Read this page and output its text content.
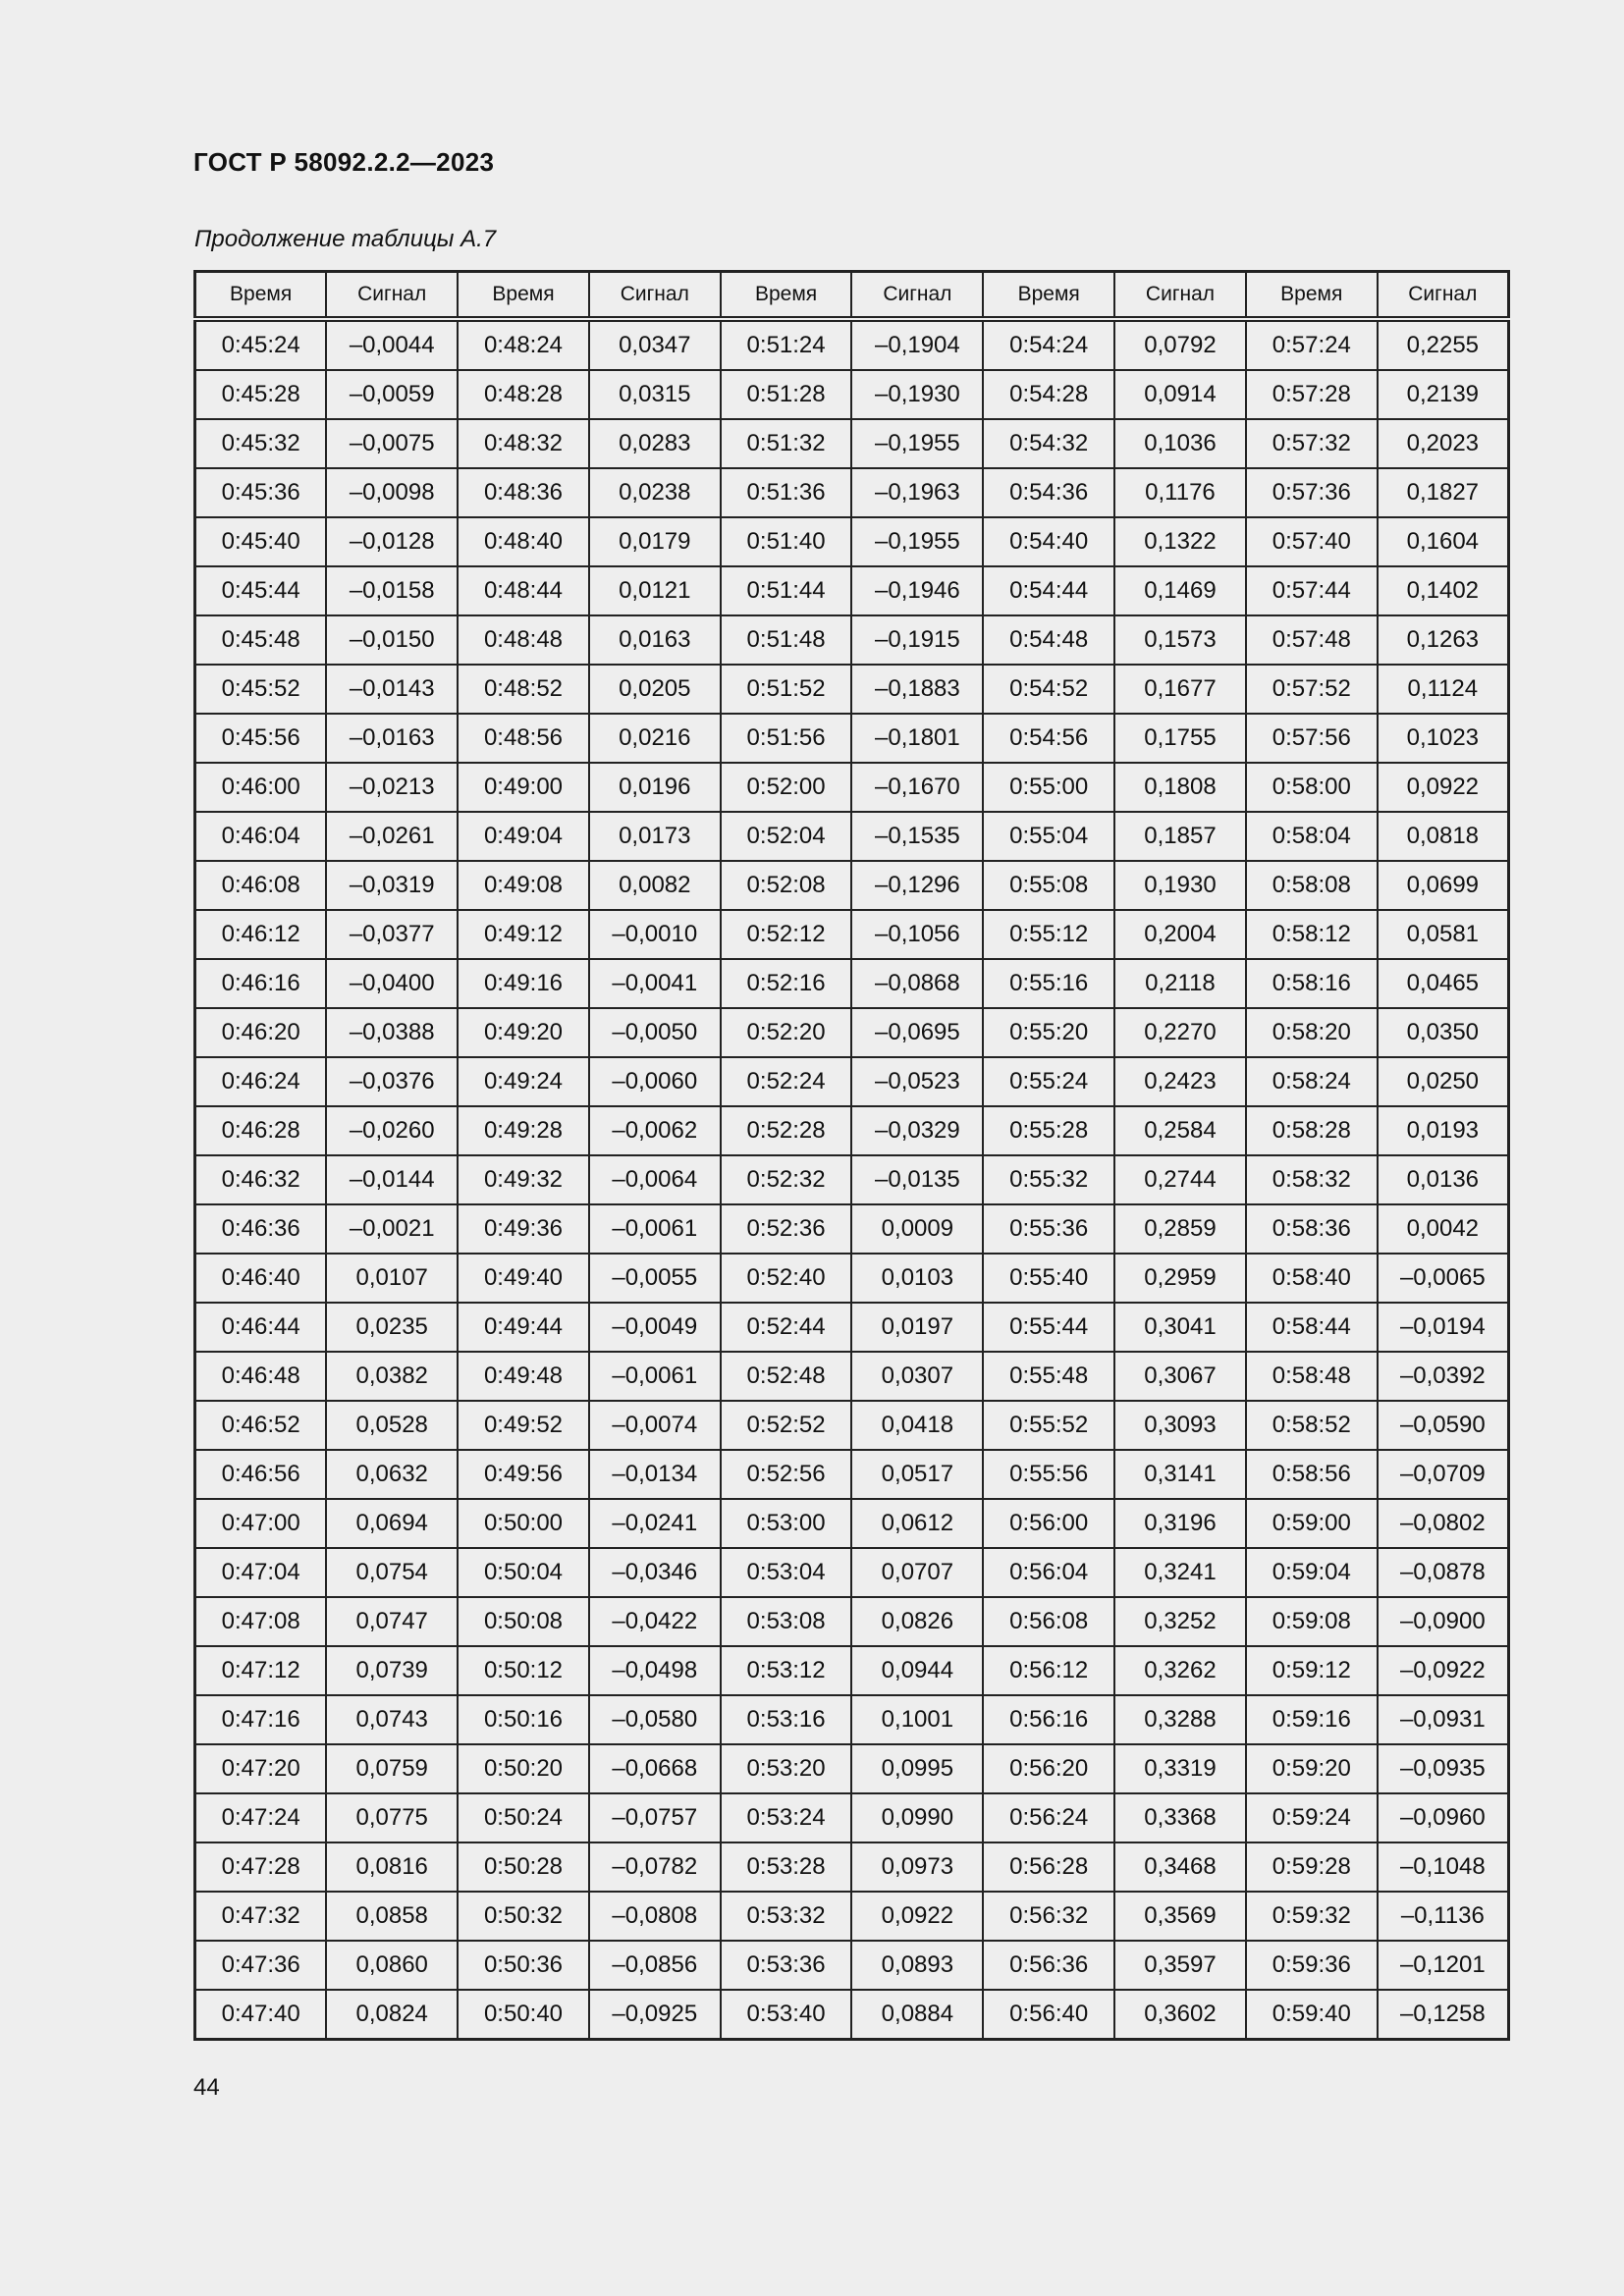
ГОСТ Р 58092.2.2—2023

Продолжение таблицы А.7

Время	Сигнал	Время	Сигнал	Время	Сигнал	Время	Сигнал	Время	Сигнал
0:45:24	–0,0044	0:48:24	0,0347	0:51:24	–0,1904	0:54:24	0,0792	0:57:24	0,2255
0:45:28	–0,0059	0:48:28	0,0315	0:51:28	–0,1930	0:54:28	0,0914	0:57:28	0,2139
0:45:32	–0,0075	0:48:32	0,0283	0:51:32	–0,1955	0:54:32	0,1036	0:57:32	0,2023
0:45:36	–0,0098	0:48:36	0,0238	0:51:36	–0,1963	0:54:36	0,1176	0:57:36	0,1827
0:45:40	–0,0128	0:48:40	0,0179	0:51:40	–0,1955	0:54:40	0,1322	0:57:40	0,1604
0:45:44	–0,0158	0:48:44	0,0121	0:51:44	–0,1946	0:54:44	0,1469	0:57:44	0,1402
0:45:48	–0,0150	0:48:48	0,0163	0:51:48	–0,1915	0:54:48	0,1573	0:57:48	0,1263
0:45:52	–0,0143	0:48:52	0,0205	0:51:52	–0,1883	0:54:52	0,1677	0:57:52	0,1124
0:45:56	–0,0163	0:48:56	0,0216	0:51:56	–0,1801	0:54:56	0,1755	0:57:56	0,1023
0:46:00	–0,0213	0:49:00	0,0196	0:52:00	–0,1670	0:55:00	0,1808	0:58:00	0,0922
0:46:04	–0,0261	0:49:04	0,0173	0:52:04	–0,1535	0:55:04	0,1857	0:58:04	0,0818
0:46:08	–0,0319	0:49:08	0,0082	0:52:08	–0,1296	0:55:08	0,1930	0:58:08	0,0699
0:46:12	–0,0377	0:49:12	–0,0010	0:52:12	–0,1056	0:55:12	0,2004	0:58:12	0,0581
0:46:16	–0,0400	0:49:16	–0,0041	0:52:16	–0,0868	0:55:16	0,2118	0:58:16	0,0465
0:46:20	–0,0388	0:49:20	–0,0050	0:52:20	–0,0695	0:55:20	0,2270	0:58:20	0,0350
0:46:24	–0,0376	0:49:24	–0,0060	0:52:24	–0,0523	0:55:24	0,2423	0:58:24	0,0250
0:46:28	–0,0260	0:49:28	–0,0062	0:52:28	–0,0329	0:55:28	0,2584	0:58:28	0,0193
0:46:32	–0,0144	0:49:32	–0,0064	0:52:32	–0,0135	0:55:32	0,2744	0:58:32	0,0136
0:46:36	–0,0021	0:49:36	–0,0061	0:52:36	0,0009	0:55:36	0,2859	0:58:36	0,0042
0:46:40	0,0107	0:49:40	–0,0055	0:52:40	0,0103	0:55:40	0,2959	0:58:40	–0,0065
0:46:44	0,0235	0:49:44	–0,0049	0:52:44	0,0197	0:55:44	0,3041	0:58:44	–0,0194
0:46:48	0,0382	0:49:48	–0,0061	0:52:48	0,0307	0:55:48	0,3067	0:58:48	–0,0392
0:46:52	0,0528	0:49:52	–0,0074	0:52:52	0,0418	0:55:52	0,3093	0:58:52	–0,0590
0:46:56	0,0632	0:49:56	–0,0134	0:52:56	0,0517	0:55:56	0,3141	0:58:56	–0,0709
0:47:00	0,0694	0:50:00	–0,0241	0:53:00	0,0612	0:56:00	0,3196	0:59:00	–0,0802
0:47:04	0,0754	0:50:04	–0,0346	0:53:04	0,0707	0:56:04	0,3241	0:59:04	–0,0878
0:47:08	0,0747	0:50:08	–0,0422	0:53:08	0,0826	0:56:08	0,3252	0:59:08	–0,0900
0:47:12	0,0739	0:50:12	–0,0498	0:53:12	0,0944	0:56:12	0,3262	0:59:12	–0,0922
0:47:16	0,0743	0:50:16	–0,0580	0:53:16	0,1001	0:56:16	0,3288	0:59:16	–0,0931
0:47:20	0,0759	0:50:20	–0,0668	0:53:20	0,0995	0:56:20	0,3319	0:59:20	–0,0935
0:47:24	0,0775	0:50:24	–0,0757	0:53:24	0,0990	0:56:24	0,3368	0:59:24	–0,0960
0:47:28	0,0816	0:50:28	–0,0782	0:53:28	0,0973	0:56:28	0,3468	0:59:28	–0,1048
0:47:32	0,0858	0:50:32	–0,0808	0:53:32	0,0922	0:56:32	0,3569	0:59:32	–0,1136
0:47:36	0,0860	0:50:36	–0,0856	0:53:36	0,0893	0:56:36	0,3597	0:59:36	–0,1201
0:47:40	0,0824	0:50:40	–0,0925	0:53:40	0,0884	0:56:40	0,3602	0:59:40	–0,1258

44
